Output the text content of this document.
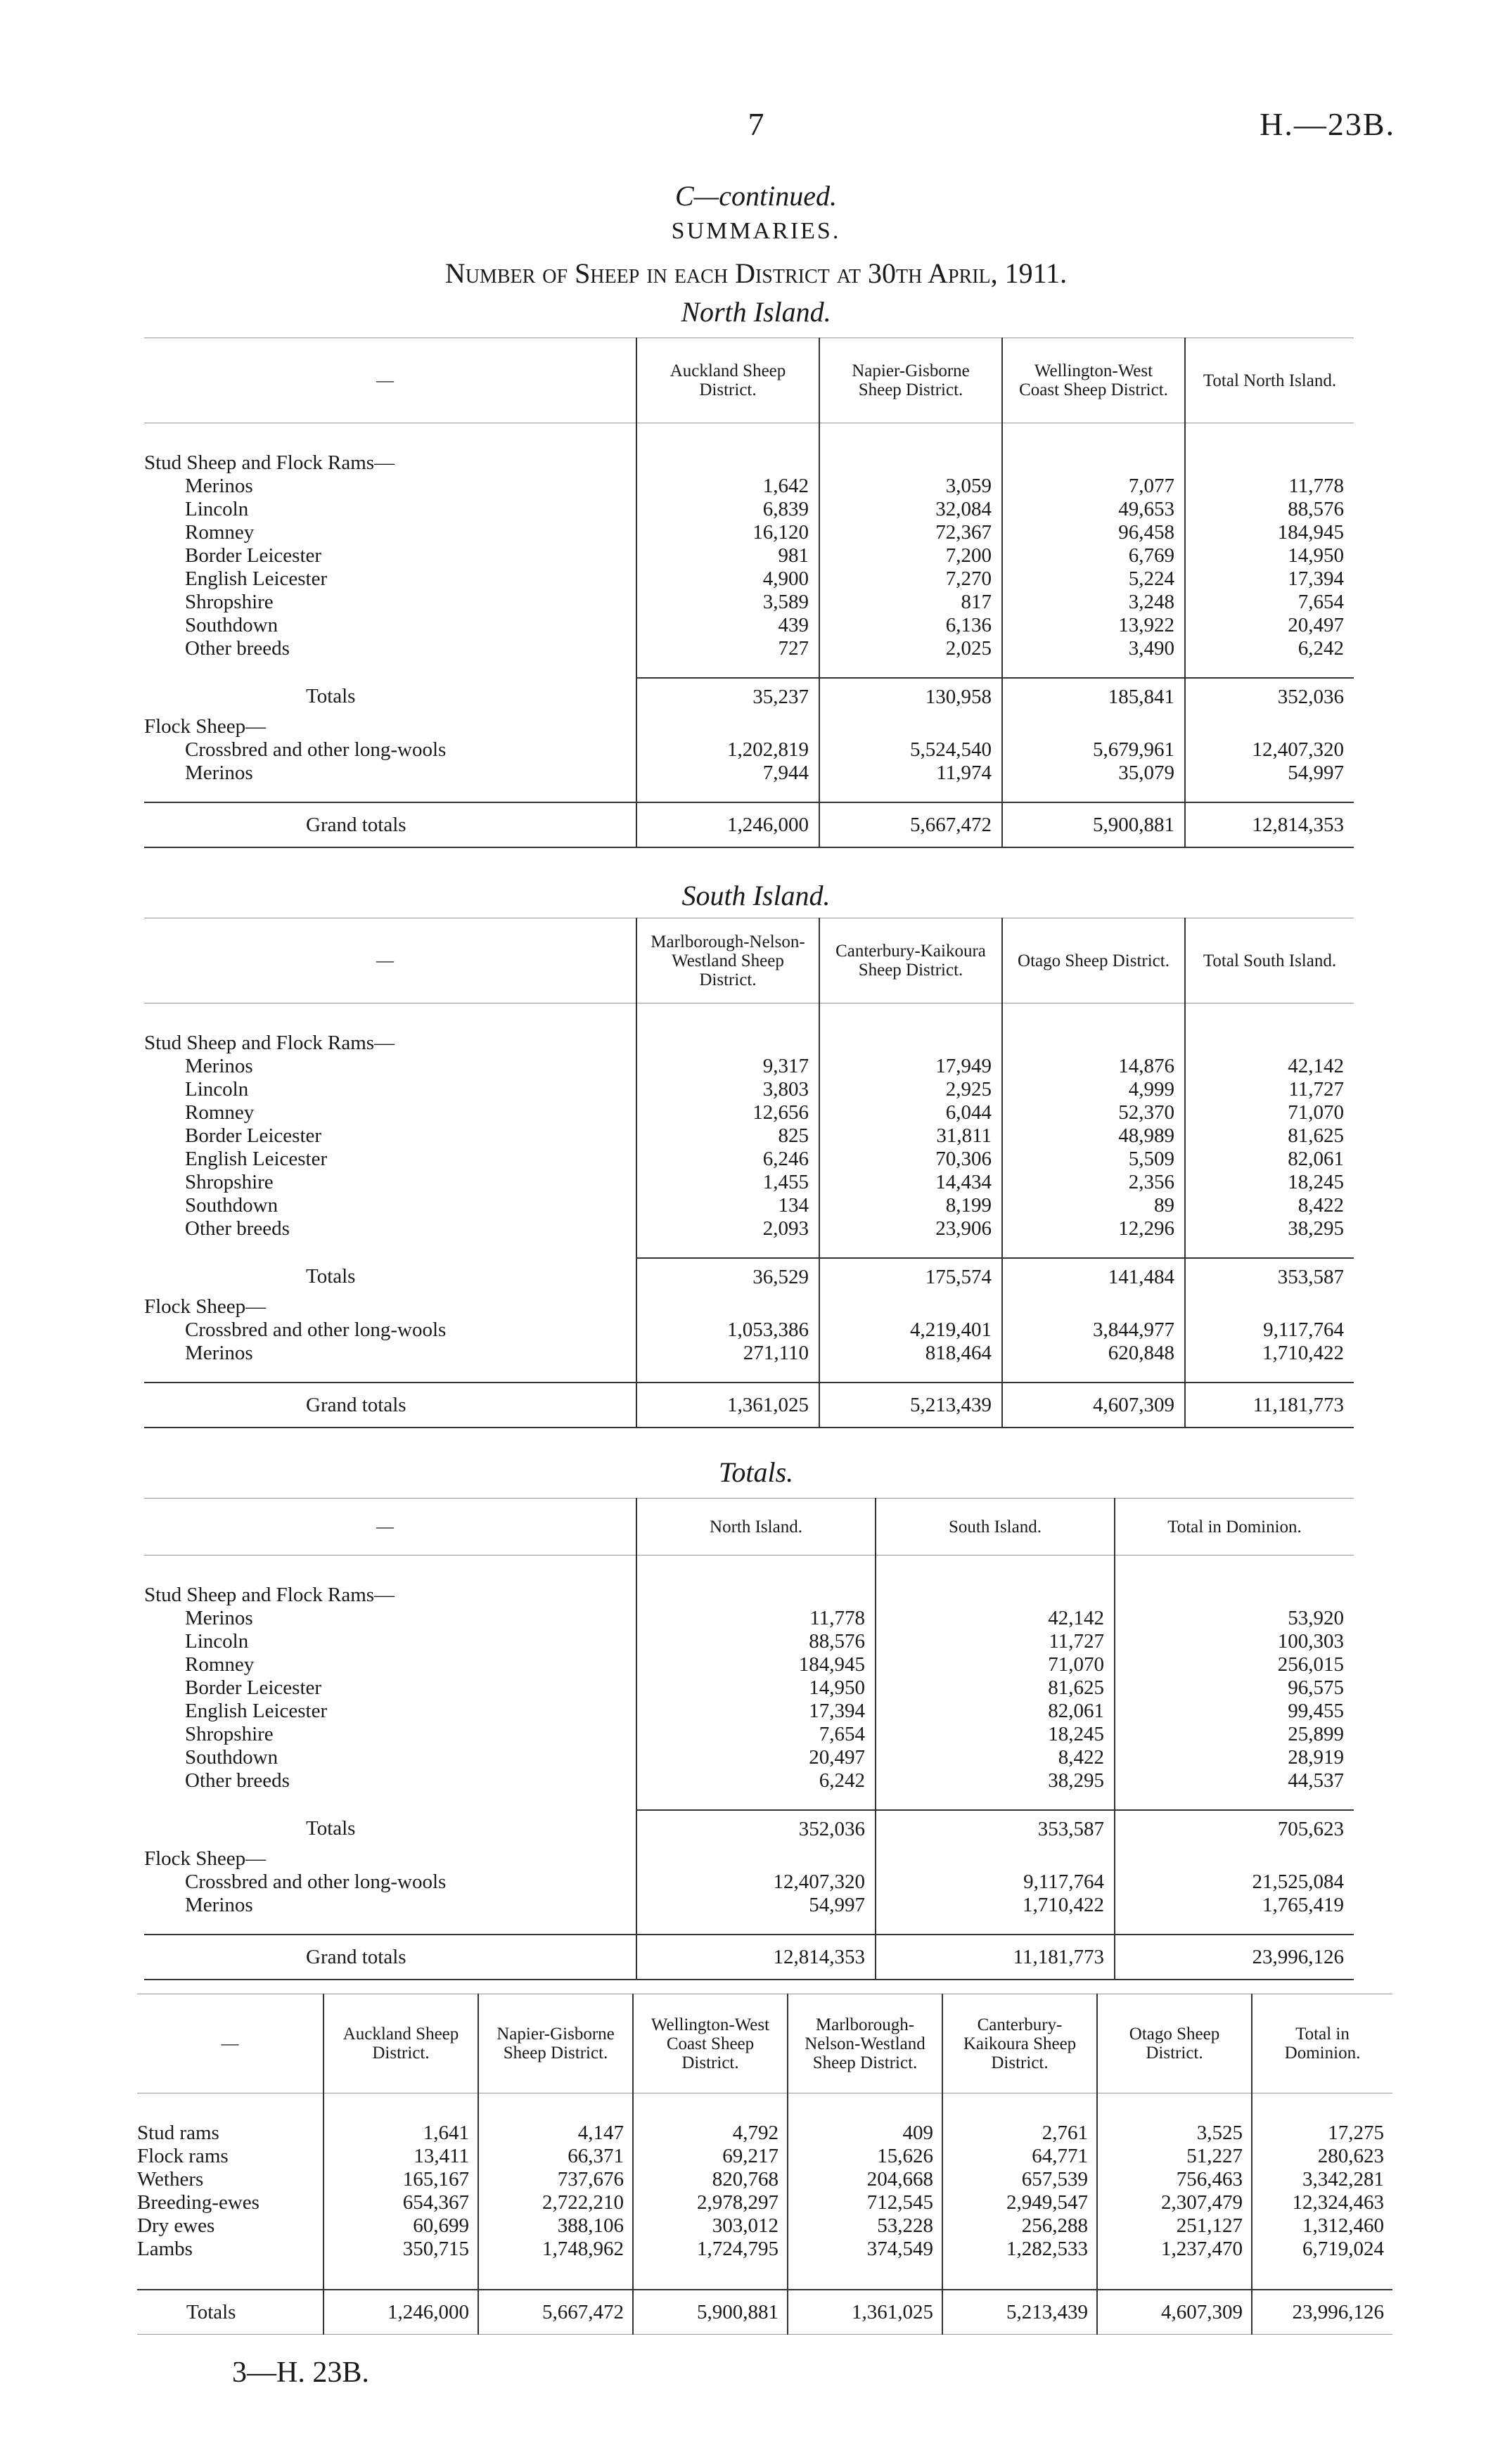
7	H.—23B.
C—continued.
SUMMARIES.
Number of Sheep in each District at 30th April, 1911.
North Island.
—	Auckland Sheep District.	Napier-Gisborne Sheep District.	Wellington-West Coast Sheep District.	Total North Island.

Stud Sheep and Flock Rams—				
Merinos	1,642	3,059	7,077	11,778
Lincoln	6,839	32,084	49,653	88,576
Romney	16,120	72,367	96,458	184,945
Border Leicester	981	7,200	6,769	14,950
English Leicester	4,900	7,270	5,224	17,394
Shropshire	3,589	817	3,248	7,654
Southdown	439	6,136	13,922	20,497
Other breeds	727	2,025	3,490	6,242

Totals	35,237	130,958	185,841	352,036
Flock Sheep—				
Crossbred and other long-wools	1,202,819	5,524,540	5,679,961	12,407,320
Merinos	7,944	11,974	35,079	54,997

Grand totals	1,246,000	5,667,472	5,900,881	12,814,353
South Island.
—	Marlborough-Nelson-Westland Sheep District.	Canterbury-Kaikoura Sheep District.	Otago Sheep District.	Total South Island.

Stud Sheep and Flock Rams—				
Merinos	9,317	17,949	14,876	42,142
Lincoln	3,803	2,925	4,999	11,727
Romney	12,656	6,044	52,370	71,070
Border Leicester	825	31,811	48,989	81,625
English Leicester	6,246	70,306	5,509	82,061
Shropshire	1,455	14,434	2,356	18,245
Southdown	134	8,199	89	8,422
Other breeds	2,093	23,906	12,296	38,295

Totals	36,529	175,574	141,484	353,587
Flock Sheep—				
Crossbred and other long-wools	1,053,386	4,219,401	3,844,977	9,117,764
Merinos	271,110	818,464	620,848	1,710,422

Grand totals	1,361,025	5,213,439	4,607,309	11,181,773
Totals.
—	North Island.	South Island.	Total in Dominion.

Stud Sheep and Flock Rams—			
Merinos	11,778	42,142	53,920
Lincoln	88,576	11,727	100,303
Romney	184,945	71,070	256,015
Border Leicester	14,950	81,625	96,575
English Leicester	17,394	82,061	99,455
Shropshire	7,654	18,245	25,899
Southdown	20,497	8,422	28,919
Other breeds	6,242	38,295	44,537

Totals	352,036	353,587	705,623
Flock Sheep—			
Crossbred and other long-wools	12,407,320	9,117,764	21,525,084
Merinos	54,997	1,710,422	1,765,419

Grand totals	12,814,353	11,181,773	23,996,126
—	Auckland Sheep District.	Napier-Gisborne Sheep District.	Wellington-West Coast Sheep District.	Marlborough-Nelson-Westland Sheep District.	Canterbury-Kaikoura Sheep District.	Otago Sheep District.	Total in Dominion.

Stud rams	1,641	4,147	4,792	409	2,761	3,525	17,275
Flock rams	13,411	66,371	69,217	15,626	64,771	51,227	280,623
Wethers	165,167	737,676	820,768	204,668	657,539	756,463	3,342,281
Breeding-ewes	654,367	2,722,210	2,978,297	712,545	2,949,547	2,307,479	12,324,463
Dry ewes	60,699	388,106	303,012	53,228	256,288	251,127	1,312,460
Lambs	350,715	1,748,962	1,724,795	374,549	1,282,533	1,237,470	6,719,024

Totals	1,246,000	5,667,472	5,900,881	1,361,025	5,213,439	4,607,309	23,996,126
3—H. 23B.
